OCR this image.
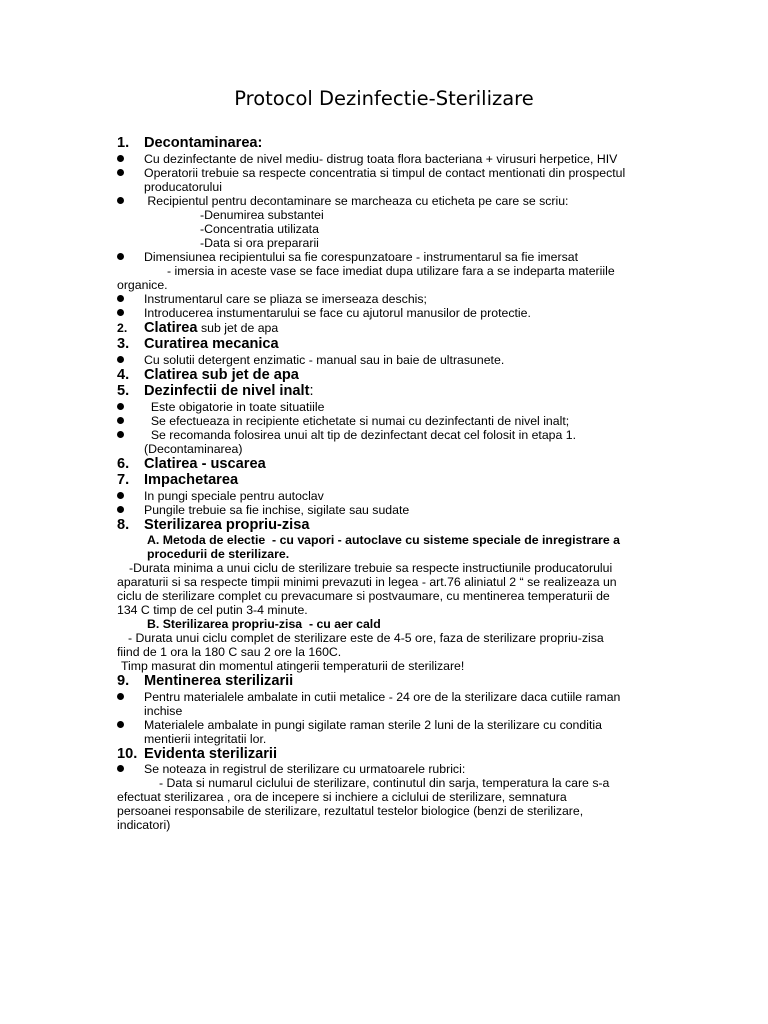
Protocol Dezinfectie-Sterilizare
1. Decontaminarea:
Cu dezinfectante de nivel mediu- distrug toata flora bacteriana + virusuri herpetice, HIV
Operatorii trebuie sa respecte concentratia si timpul de contact mentionati din prospectul
producatorului
Recipientul pentru decontaminare se marcheaza cu eticheta pe care se scriu:
-Denumirea substantei
-Concentratia utilizata
-Data si ora prepararii
Dimensiunea recipientului sa fie corespunzatoare - instrumentarul sa fie imersat
- imersia in aceste vase se face imediat dupa utilizare fara a se indeparta materiile
organice.
Instrumentarul care se pliaza se imerseaza deschis;
Introducerea instumentarului se face cu ajutorul manusilor de protectie.
2. Clatirea sub jet de apa
3. Curatirea mecanica
Cu solutii detergent enzimatic - manual sau in baie de ultrasunete.
4. Clatirea sub jet de apa
5. Dezinfectii de nivel inalt:
Este obigatorie in toate situatiile
Se efectueaza in recipiente etichetate si numai cu dezinfectanti de nivel inalt;
Se recomanda folosirea unui alt tip de dezinfectant decat cel folosit in etapa 1.
(Decontaminarea)
6. Clatirea - uscarea
7. Impachetarea
In pungi speciale pentru autoclav
Pungile trebuie sa fie inchise, sigilate sau sudate
8. Sterilizarea propriu-zisa
A. Metoda de electie  - cu vapori - autoclave cu sisteme speciale de inregistrare a
procedurii de sterilizare.
-Durata minima a unui ciclu de sterilizare trebuie sa respecte instructiunile producatorului
aparaturii si sa respecte timpii minimi prevazuti in legea - art.76 aliniatul 2 “ se realizeaza un
ciclu de sterilizare complet cu prevacumare si postvaumare, cu mentinerea temperaturii de
134 C timp de cel putin 3-4 minute.
B. Sterilizarea propriu-zisa  - cu aer cald
- Durata unui ciclu complet de sterilizare este de 4-5 ore, faza de sterilizare propriu-zisa
fiind de 1 ora la 180 C sau 2 ore la 160C.
Timp masurat din momentul atingerii temperaturii de sterilizare!
9. Mentinerea sterilizarii
Pentru materialele ambalate in cutii metalice - 24 ore de la sterilizare daca cutiile raman
inchise
Materialele ambalate in pungi sigilate raman sterile 2 luni de la sterilizare cu conditia
mentierii integritatii lor.
10. Evidenta sterilizarii
Se noteaza in registrul de sterilizare cu urmatoarele rubrici:
- Data si numarul ciclului de sterilizare, continutul din sarja, temperatura la care s-a
efectuat sterilizarea , ora de incepere si inchiere a ciclului de sterilizare, semnatura
persoanei responsabile de sterilizare, rezultatul testelor biologice (benzi de sterilizare,
indicatori)
